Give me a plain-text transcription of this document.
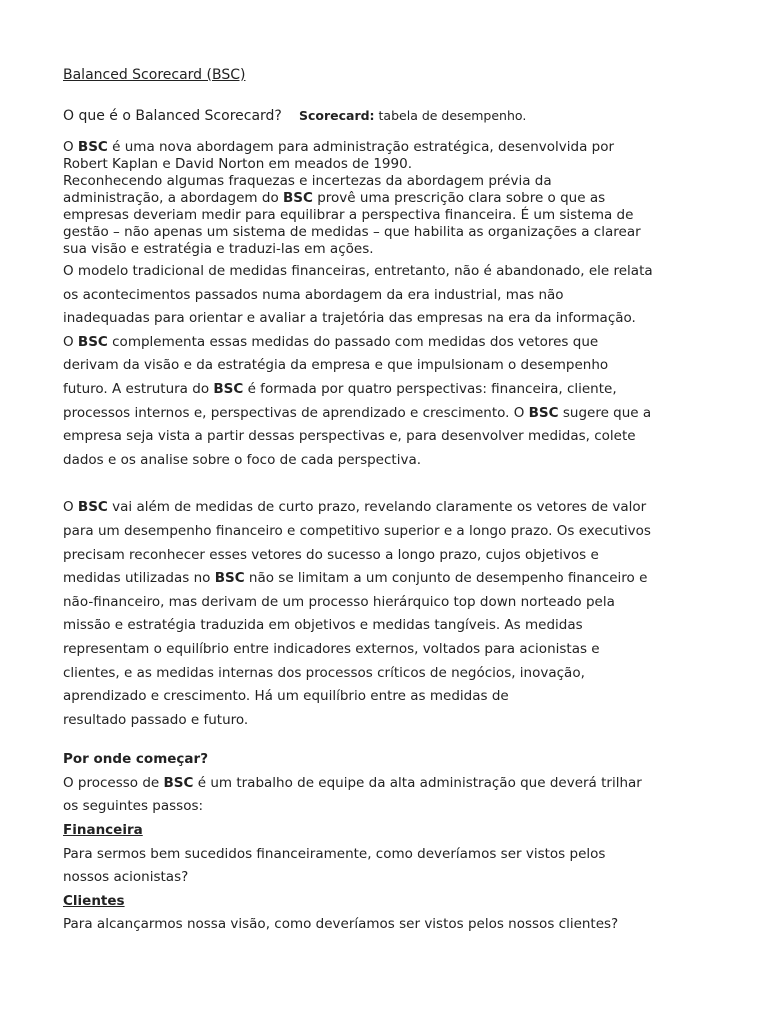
Balanced Scorecard (BSC)
O que é o Balanced Scorecard? Scorecard: tabela de desempenho.
O BSC é uma nova abordagem para administração estratégica, desenvolvida por
Robert Kaplan e David Norton em meados de 1990.
Reconhecendo algumas fraquezas e incertezas da abordagem prévia da
administração, a abordagem do BSC provê uma prescrição clara sobre o que as
empresas deveriam medir para equilibrar a perspectiva financeira. É um sistema de
gestão – não apenas um sistema de medidas – que habilita as organizações a clarear
sua visão e estratégia e traduzi-las em ações.
O modelo tradicional de medidas financeiras, entretanto, não é abandonado, ele relata
os acontecimentos passados numa abordagem da era industrial, mas não
inadequadas para orientar e avaliar a trajetória das empresas na era da informação.
O BSC complementa essas medidas do passado com medidas dos vetores que
derivam da visão e da estratégia da empresa e que impulsionam o desempenho
futuro. A estrutura do BSC é formada por quatro perspectivas: financeira, cliente,
processos internos e, perspectivas de aprendizado e crescimento. O BSC sugere que a
empresa seja vista a partir dessas perspectivas e, para desenvolver medidas, colete
dados e os analise sobre o foco de cada perspectiva.
O BSC vai além de medidas de curto prazo, revelando claramente os vetores de valor
para um desempenho financeiro e competitivo superior e a longo prazo. Os executivos
precisam reconhecer esses vetores do sucesso a longo prazo, cujos objetivos e
medidas utilizadas no BSC não se limitam a um conjunto de desempenho financeiro e
não-financeiro, mas derivam de um processo hierárquico top down norteado pela
missão e estratégia traduzida em objetivos e medidas tangíveis. As medidas
representam o equilíbrio entre indicadores externos, voltados para acionistas e
clientes, e as medidas internas dos processos críticos de negócios, inovação,
aprendizado e crescimento. Há um equilíbrio entre as medidas de
resultado passado e futuro.
Por onde começar?
O processo de BSC é um trabalho de equipe da alta administração que deverá trilhar
os seguintes passos:
Financeira
Para sermos bem sucedidos financeiramente, como deveríamos ser vistos pelos
nossos acionistas?
Clientes
Para alcançarmos nossa visão, como deveríamos ser vistos pelos nossos clientes?
